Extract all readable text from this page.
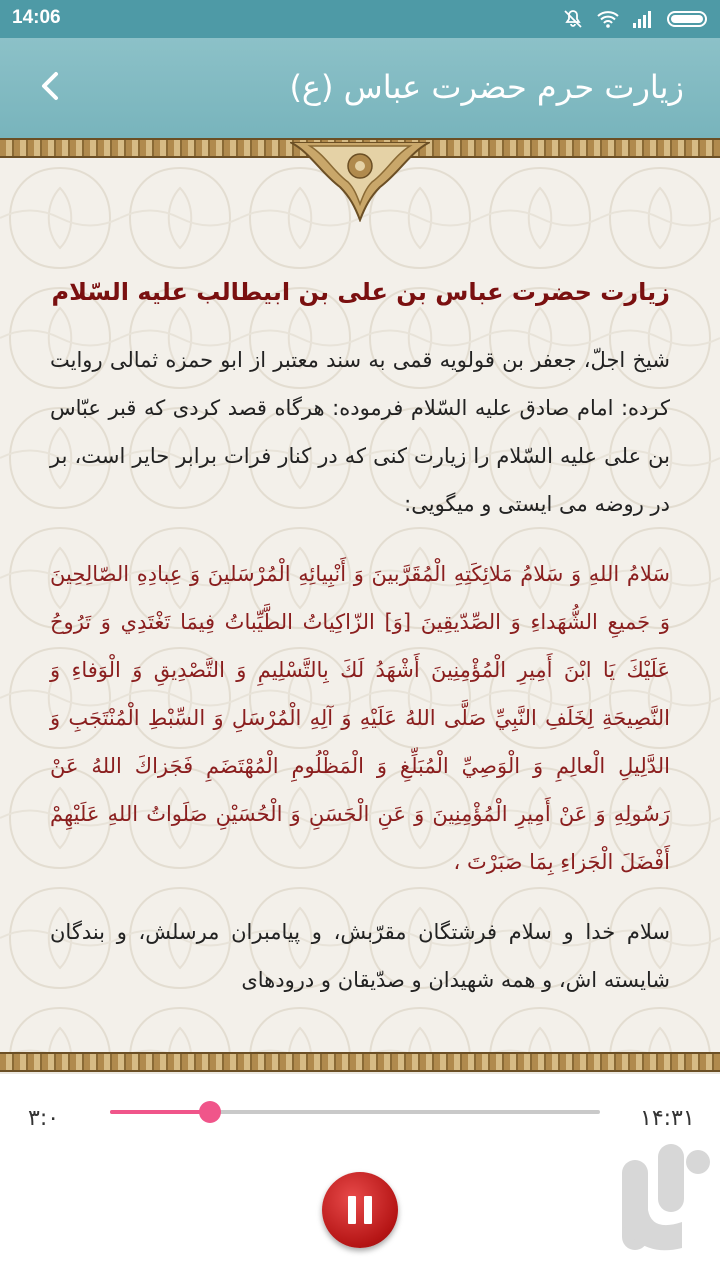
14:06
زیارت حرم حضرت عباس (ع)

زیارت حضرت عباس بن علی بن ابیطالب علیه السّلام

شیخ اجلّ، جعفر بن قولویه قمی به سند معتبر از ابو حمزه ثمالی روایت کرده: امام صادق علیه السّلام فرموده: هرگاه قصد کردی که قبر عبّاس بن علی علیه السّلام را زیارت کنی که در کنار فرات برابر حایر است، بر در روضه می ایستی و میگویی:

سَلامُ اللهِ وَ سَلامُ مَلائِكَتِهِ الْمُقَرَّبينَ وَ أَنْبِيائِهِ الْمُرْسَلينَ وَ عِبادِهِ الصّالِحِينَ وَ جَميعِ الشُّهَداءِ وَ الصِّدّيقِينَ [وَ] الزّاكِياتُ الطَّيِّباتُ فِيمَا تَغْتَدِي وَ تَرُوحُ عَلَيْكَ يَا ابْنَ أَمِيرِ الْمُؤْمِنِينَ أَشْهَدُ لَكَ بِالتَّسْلِيمِ وَ التَّصْدِيقِ وَ الْوَفاءِ وَ النَّصِيحَةِ لِخَلَفِ النَّبِيِّ صَلَّى اللهُ عَلَيْهِ وَ آلِهِ الْمُرْسَلِ وَ السِّبْطِ الْمُنْتَجَبِ وَ الدَّلِيلِ الْعالِمِ وَ الْوَصِيِّ الْمُبَلِّغِ وَ الْمَظْلُومِ الْمُهْتَضَمِ فَجَزاكَ اللهُ عَنْ رَسُولِهِ وَ عَنْ أَمِيرِ الْمُؤْمِنِينَ وَ عَنِ الْحَسَنِ وَ الْحُسَيْنِ صَلَواتُ اللهِ عَلَيْهِمْ أَفْضَلَ الْجَزاءِ بِمَا صَبَرْتَ ،

سلام خدا و سلام فرشتگان مقرّبش، و پیامبران مرسلش، و بندگان شایسته اش، و همه شهیدان و صدّیقان و درودهای

۳:۰	۱۴:۳۱
